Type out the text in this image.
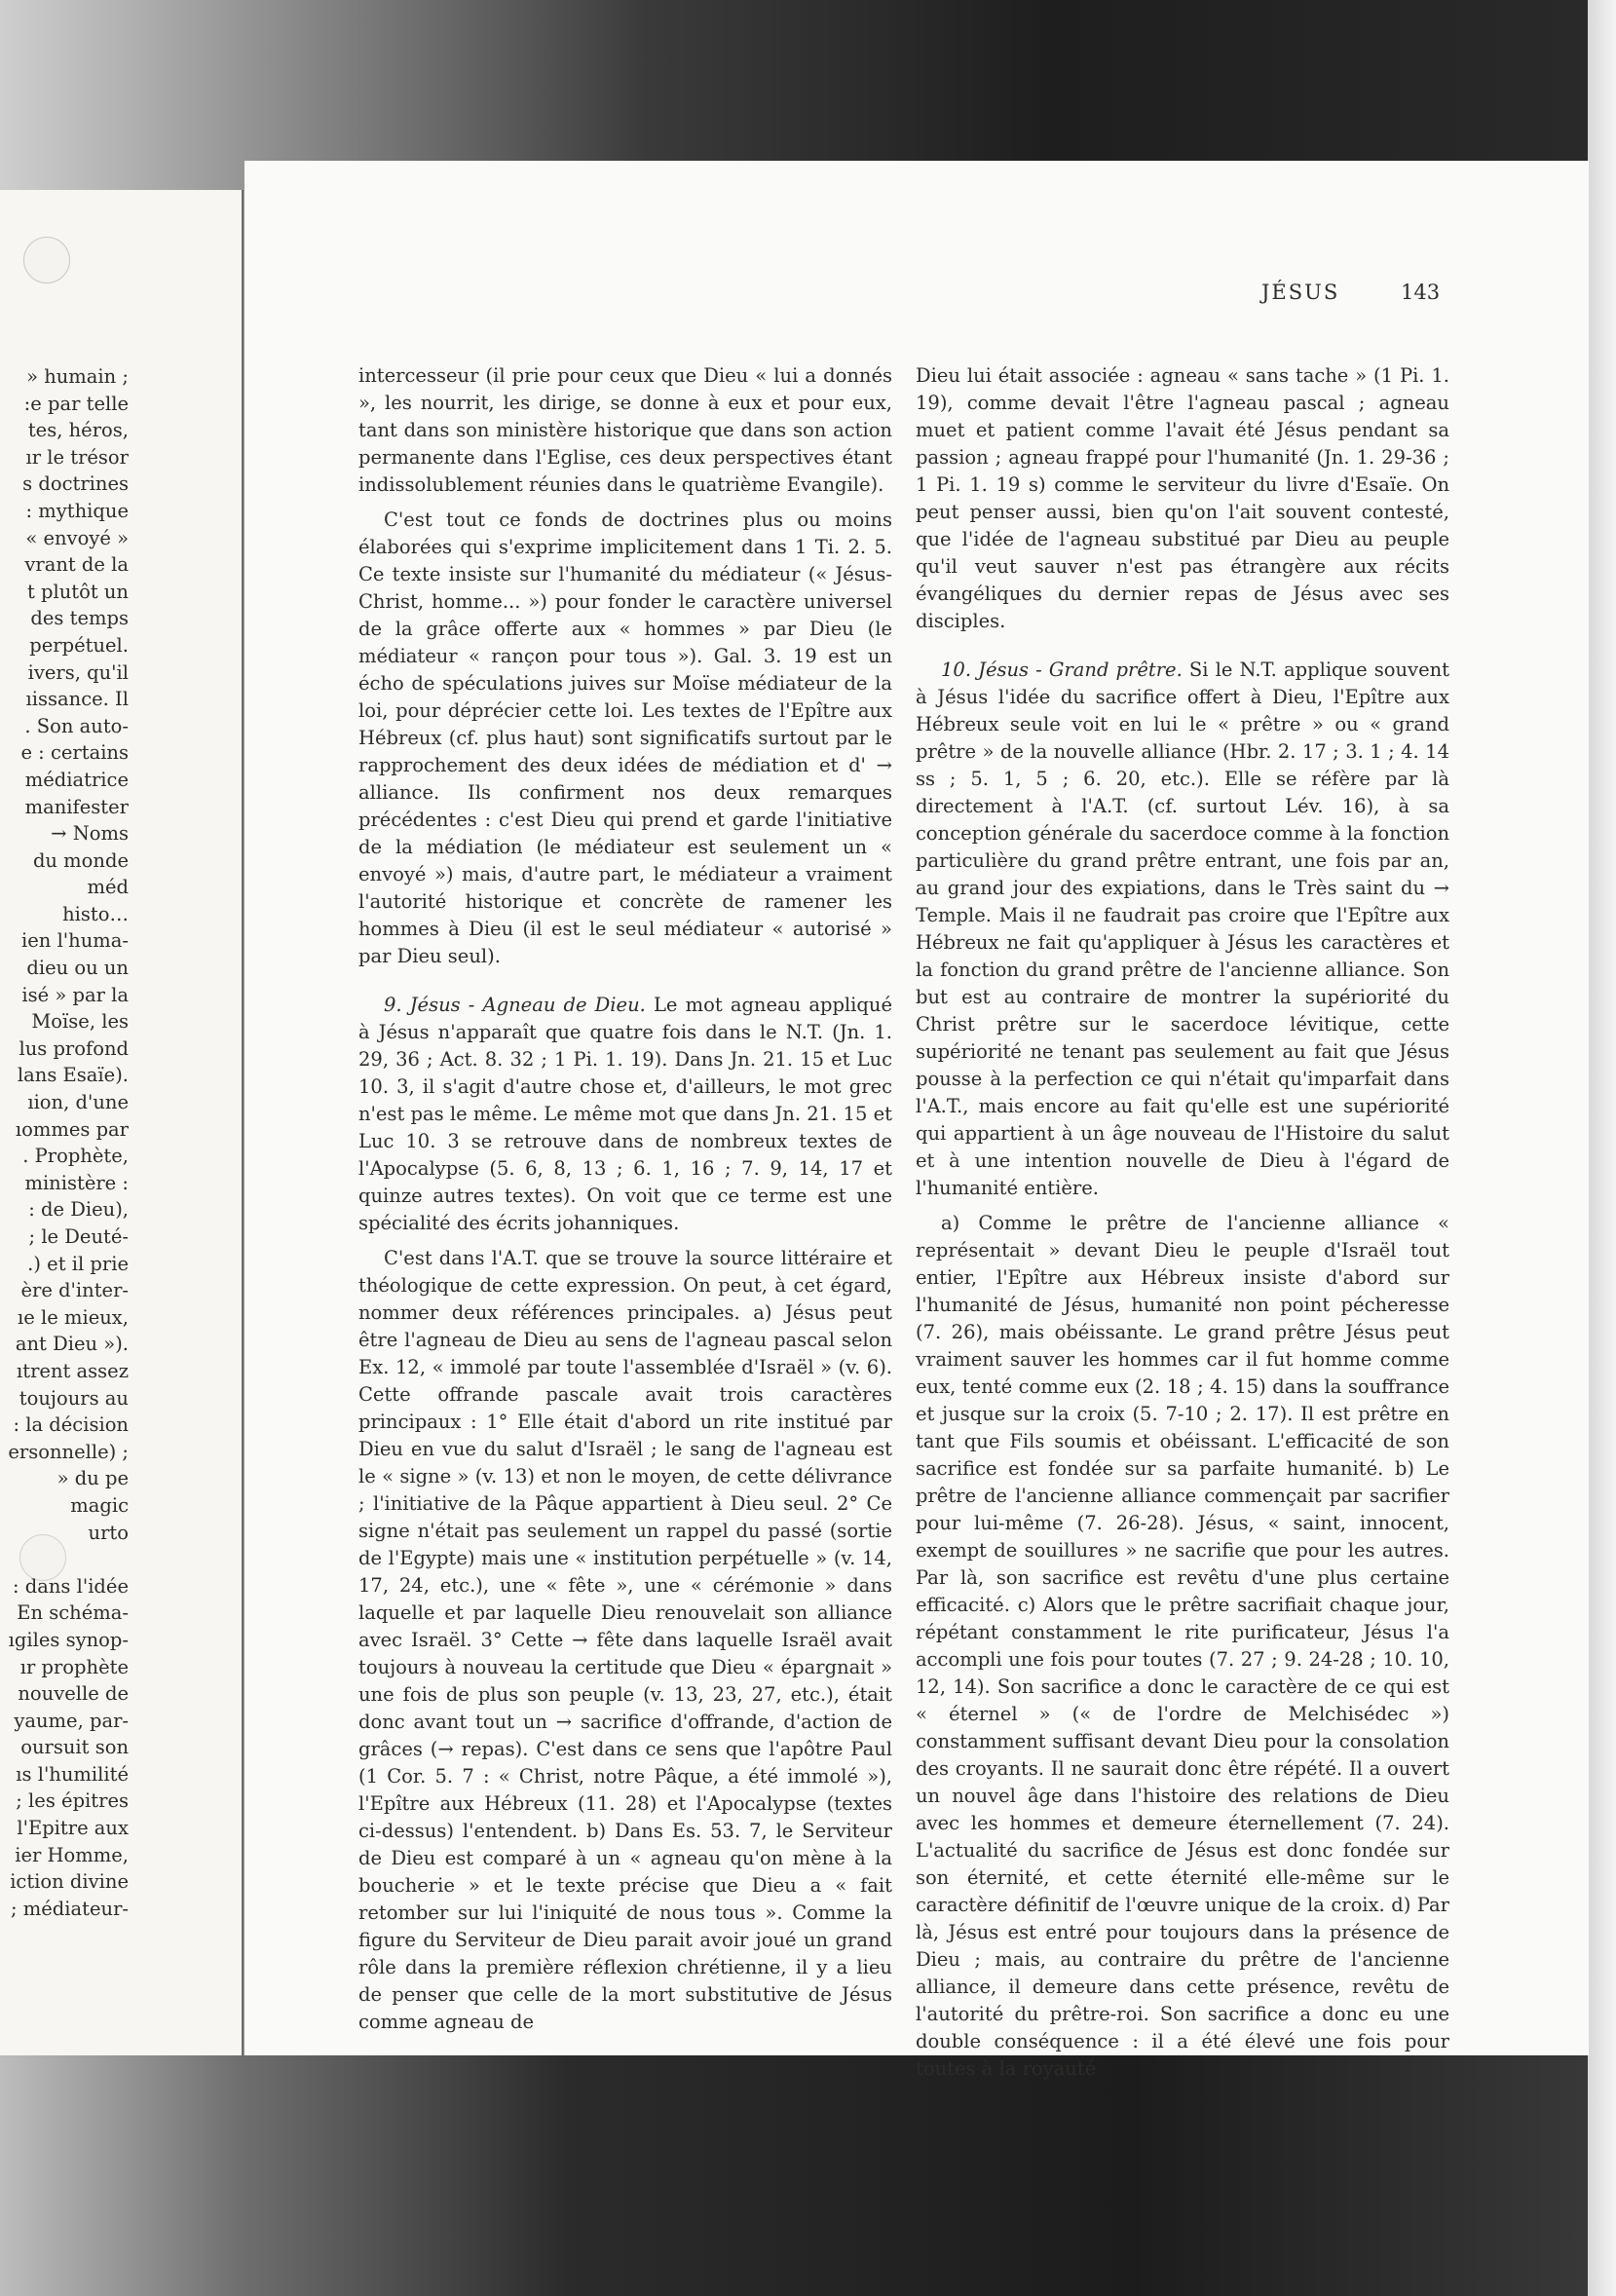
» humain ;
:e par telle
tes, héros,
ır le trésor
s doctrines
: mythique
« envoyé »
vrant de la
t plutôt un
des temps
perpétuel.
ivers, qu'il
ıissance. Il
. Son auto-
e : certains
médiatrice
manifester
→ Noms
du monde
méd
histo…
ien l'huma-
dieu ou un
isé » par la
Moïse, les
lus profond
lans Esaïe).
ıion, d'une
ıommes par
. Prophète,
ministère :
: de Dieu),
; le Deuté-
.) et il prie
ère d'inter-
ıe le mieux,
ant Dieu »).
ıtrent assez
toujours au
: la décision
ersonnelle) ;
» du pe
magic
urto

: dans l'idée
En schéma-
ıgiles synop-
ır prophète
nouvelle de
yaume, par-
oursuit son
ıs l'humilité
; les épitres
l'Epitre aux
ier Homme,
iction divine
; médiateur-
JÉSUS	143

intercesseur (il prie pour ceux que Dieu « lui a donnés », les nourrit, les dirige, se donne à eux et pour eux, tant dans son ministère historique que dans son action permanente dans l'Eglise, ces deux perspectives étant indissolublement réunies dans le quatrième Evangile).

C'est tout ce fonds de doctrines plus ou moins élaborées qui s'exprime implicitement dans 1 Ti. 2. 5. Ce texte insiste sur l'humanité du médiateur (« Jésus-Christ, homme... ») pour fonder le caractère universel de la grâce offerte aux « hommes » par Dieu (le médiateur « rançon pour tous »). Gal. 3. 19 est un écho de spéculations juives sur Moïse médiateur de la loi, pour déprécier cette loi. Les textes de l'Epître aux Hébreux (cf. plus haut) sont significatifs surtout par le rapprochement des deux idées de médiation et d' → alliance. Ils confirment nos deux remarques précédentes : c'est Dieu qui prend et garde l'initiative de la médiation (le médiateur est seulement un « envoyé ») mais, d'autre part, le médiateur a vraiment l'autorité historique et concrète de ramener les hommes à Dieu (il est le seul médiateur « autorisé » par Dieu seul).

9. Jésus - Agneau de Dieu. Le mot agneau appliqué à Jésus n'apparaît que quatre fois dans le N.T. (Jn. 1. 29, 36 ; Act. 8. 32 ; 1 Pi. 1. 19). Dans Jn. 21. 15 et Luc 10. 3, il s'agit d'autre chose et, d'ailleurs, le mot grec n'est pas le même. Le même mot que dans Jn. 21. 15 et Luc 10. 3 se retrouve dans de nombreux textes de l'Apocalypse (5. 6, 8, 13 ; 6. 1, 16 ; 7. 9, 14, 17 et quinze autres textes). On voit que ce terme est une spécialité des écrits johanniques.

C'est dans l'A.T. que se trouve la source littéraire et théologique de cette expression. On peut, à cet égard, nommer deux références principales. a) Jésus peut être l'agneau de Dieu au sens de l'agneau pascal selon Ex. 12, « immolé par toute l'assemblée d'Israël » (v. 6). Cette offrande pascale avait trois caractères principaux : 1° Elle était d'abord un rite institué par Dieu en vue du salut d'Israël ; le sang de l'agneau est le « signe » (v. 13) et non le moyen, de cette délivrance ; l'initiative de la Pâque appartient à Dieu seul. 2° Ce signe n'était pas seulement un rappel du passé (sortie de l'Egypte) mais une « institution perpétuelle » (v. 14, 17, 24, etc.), une « fête », une « cérémonie » dans laquelle et par laquelle Dieu renouvelait son alliance avec Israël. 3° Cette → fête dans laquelle Israël avait toujours à nouveau la certitude que Dieu « épargnait » une fois de plus son peuple (v. 13, 23, 27, etc.), était donc avant tout un → sacrifice d'offrande, d'action de grâces (→ repas). C'est dans ce sens que l'apôtre Paul (1 Cor. 5. 7 : « Christ, notre Pâque, a été immolé »), l'Epître aux Hébreux (11. 28) et l'Apocalypse (textes ci-dessus) l'entendent. b) Dans Es. 53. 7, le Serviteur de Dieu est comparé à un « agneau qu'on mène à la boucherie » et le texte précise que Dieu a « fait retomber sur lui l'iniquité de nous tous ». Comme la figure du Serviteur de Dieu parait avoir joué un grand rôle dans la première réflexion chrétienne, il y a lieu de penser que celle de la mort substitutive de Jésus comme agneau de

Dieu lui était associée : agneau « sans tache » (1 Pi. 1. 19), comme devait l'être l'agneau pascal ; agneau muet et patient comme l'avait été Jésus pendant sa passion ; agneau frappé pour l'humanité (Jn. 1. 29-36 ; 1 Pi. 1. 19 s) comme le serviteur du livre d'Esaïe. On peut penser aussi, bien qu'on l'ait souvent contesté, que l'idée de l'agneau substitué par Dieu au peuple qu'il veut sauver n'est pas étrangère aux récits évangéliques du dernier repas de Jésus avec ses disciples.

10. Jésus - Grand prêtre. Si le N.T. applique souvent à Jésus l'idée du sacrifice offert à Dieu, l'Epître aux Hébreux seule voit en lui le « prêtre » ou « grand prêtre » de la nouvelle alliance (Hbr. 2. 17 ; 3. 1 ; 4. 14 ss ; 5. 1, 5 ; 6. 20, etc.). Elle se réfère par là directement à l'A.T. (cf. surtout Lév. 16), à sa conception générale du sacerdoce comme à la fonction particulière du grand prêtre entrant, une fois par an, au grand jour des expiations, dans le Très saint du → Temple. Mais il ne faudrait pas croire que l'Epître aux Hébreux ne fait qu'appliquer à Jésus les caractères et la fonction du grand prêtre de l'ancienne alliance. Son but est au contraire de montrer la supériorité du Christ prêtre sur le sacerdoce lévitique, cette supériorité ne tenant pas seulement au fait que Jésus pousse à la perfection ce qui n'était qu'imparfait dans l'A.T., mais encore au fait qu'elle est une supériorité qui appartient à un âge nouveau de l'Histoire du salut et à une intention nouvelle de Dieu à l'égard de l'humanité entière.

a) Comme le prêtre de l'ancienne alliance « représentait » devant Dieu le peuple d'Israël tout entier, l'Epître aux Hébreux insiste d'abord sur l'humanité de Jésus, humanité non point pécheresse (7. 26), mais obéissante. Le grand prêtre Jésus peut vraiment sauver les hommes car il fut homme comme eux, tenté comme eux (2. 18 ; 4. 15) dans la souffrance et jusque sur la croix (5. 7-10 ; 2. 17). Il est prêtre en tant que Fils soumis et obéissant. L'efficacité de son sacrifice est fondée sur sa parfaite humanité. b) Le prêtre de l'ancienne alliance commençait par sacrifier pour lui-même (7. 26-28). Jésus, « saint, innocent, exempt de souillures » ne sacrifie que pour les autres. Par là, son sacrifice est revêtu d'une plus certaine efficacité. c) Alors que le prêtre sacrifiait chaque jour, répétant constamment le rite purificateur, Jésus l'a accompli une fois pour toutes (7. 27 ; 9. 24-28 ; 10. 10, 12, 14). Son sacrifice a donc le caractère de ce qui est « éternel » (« de l'ordre de Melchisédec ») constamment suffisant devant Dieu pour la consolation des croyants. Il ne saurait donc être répété. Il a ouvert un nouvel âge dans l'histoire des relations de Dieu avec les hommes et demeure éternellement (7. 24). L'actualité du sacrifice de Jésus est donc fondée sur son éternité, et cette éternité elle-même sur le caractère définitif de l'œuvre unique de la croix. d) Par là, Jésus est entré pour toujours dans la présence de Dieu ; mais, au contraire du prêtre de l'ancienne alliance, il demeure dans cette présence, revêtu de l'autorité du prêtre-roi. Son sacrifice a donc eu une double conséquence : il a été élevé une fois pour toutes à la royauté
